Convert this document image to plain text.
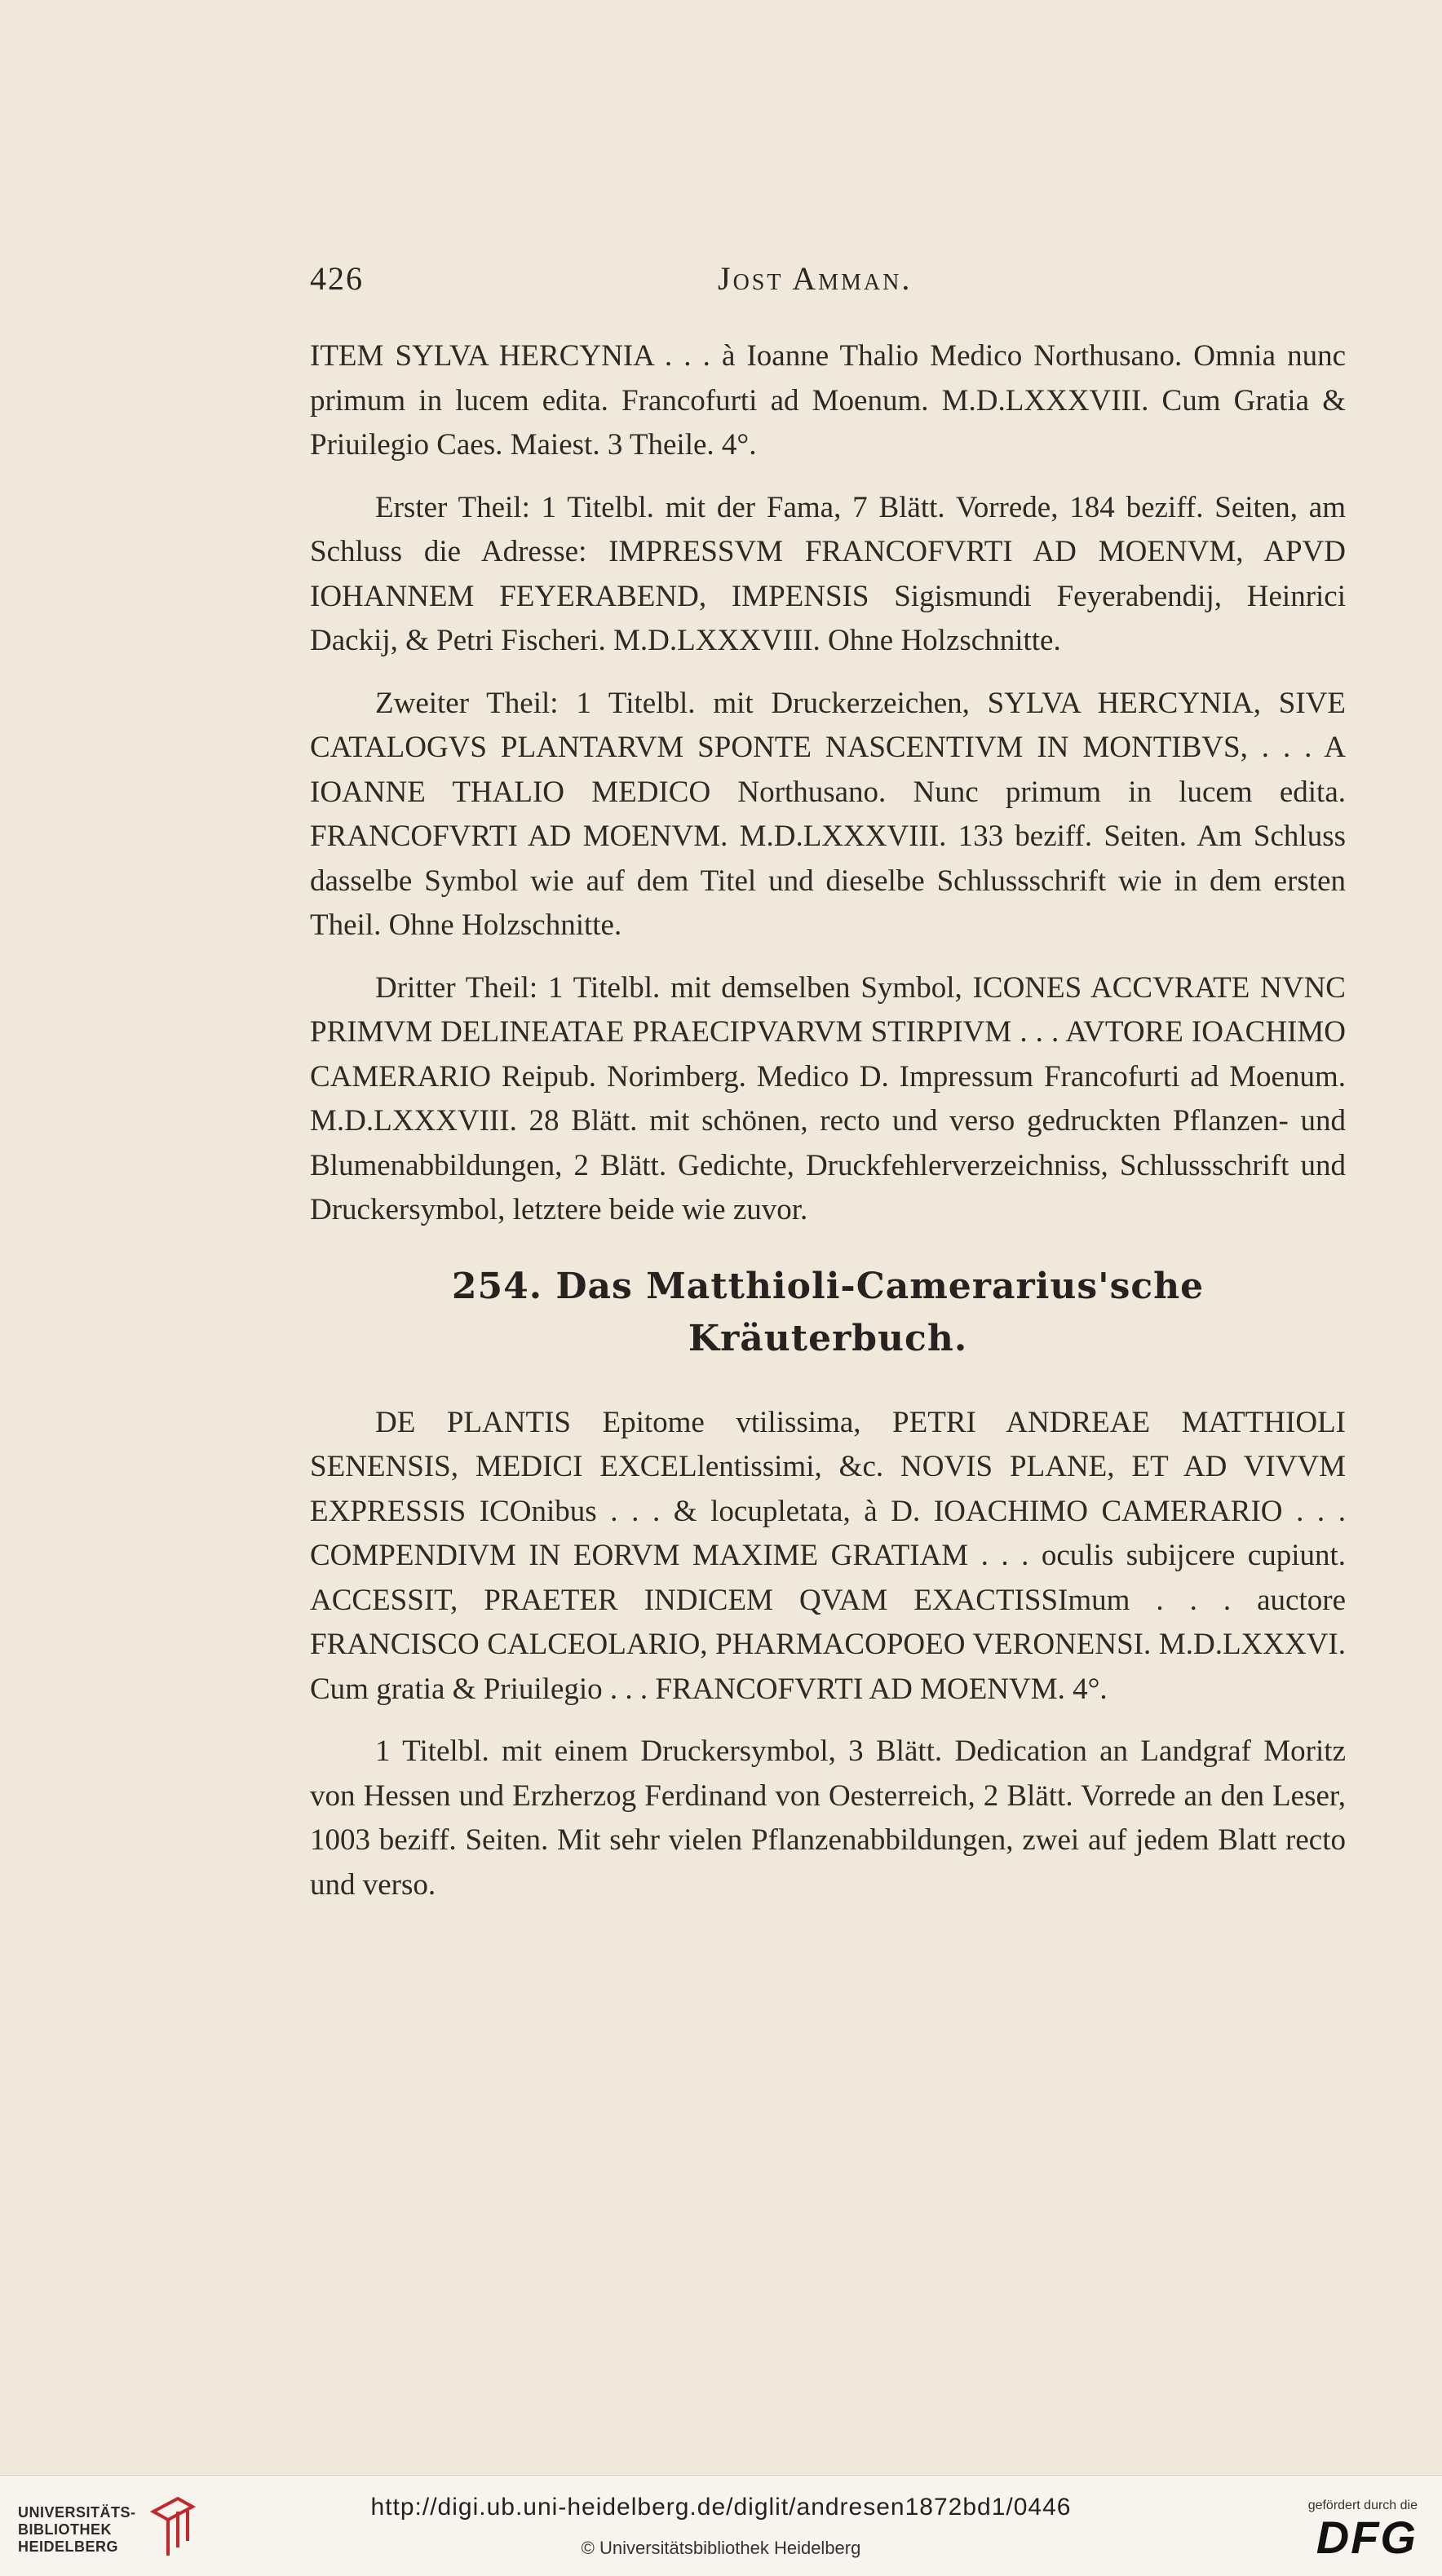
426	Jost Amman.

ITEM SYLVA HERCYNIA . . . à Ioanne Thalio Medico Northusano. Omnia nunc primum in lucem edita. Francofurti ad Moenum. M.D.LXXXVIII. Cum Gratia & Priuilegio Caes. Maiest. 3 Theile. 4°.

Erster Theil: 1 Titelbl. mit der Fama, 7 Blätt. Vorrede, 184 beziff. Seiten, am Schluss die Adresse: IMPRESSVM FRANCOFVRTI AD MOENVM, APVD IOHANNEM FEYERABEND, IMPENSIS Sigismundi Feyerabendij, Heinrici Dackij, & Petri Fischeri. M.D.LXXXVIII. Ohne Holzschnitte.

Zweiter Theil: 1 Titelbl. mit Druckerzeichen, SYLVA HERCYNIA, SIVE CATALOGVS PLANTARVM SPONTE NASCENTIVM IN MONTIBVS, . . . A IOANNE THALIO MEDICO Northusano. Nunc primum in lucem edita. FRANCOFVRTI AD MOENVM. M.D.LXXXVIII. 133 beziff. Seiten. Am Schluss dasselbe Symbol wie auf dem Titel und dieselbe Schlussschrift wie in dem ersten Theil. Ohne Holzschnitte.

Dritter Theil: 1 Titelbl. mit demselben Symbol, ICONES ACCVRATE NVNC PRIMVM DELINEATAE PRAECIPVARVM STIRPIVM . . . AVTORE IOACHIMO CAMERARIO Reipub. Norimberg. Medico D. Impressum Francofurti ad Moenum. M.D.LXXXVIII. 28 Blätt. mit schönen, recto und verso gedruckten Pflanzen- und Blumenabbildungen, 2 Blätt. Gedichte, Druckfehlerverzeichniss, Schlussschrift und Druckersymbol, letztere beide wie zuvor.

254. Das Matthioli-Camerarius'sche Kräuterbuch.

DE PLANTIS Epitome vtilissima, PETRI ANDREAE MATTHIOLI SENENSIS, MEDICI EXCELlentissimi, &c. NOVIS PLANE, ET AD VIVVM EXPRESSIS ICOnibus . . . & locupletata, à D. IOACHIMO CAMERARIO . . . COMPENDIVM IN EORVM MAXIME GRATIAM . . . oculis subijcere cupiunt. ACCESSIT, PRAETER INDICEM QVAM EXACTISSImum . . . auctore FRANCISCO CALCEOLARIO, PHARMACOPOEO VERONENSI. M.D.LXXXVI. Cum gratia & Priuilegio . . . FRANCOFVRTI AD MOENVM. 4°.

1 Titelbl. mit einem Druckersymbol, 3 Blätt. Dedication an Landgraf Moritz von Hessen und Erzherzog Ferdinand von Oesterreich, 2 Blätt. Vorrede an den Leser, 1003 beziff. Seiten. Mit sehr vielen Pflanzenabbildungen, zwei auf jedem Blatt recto und verso.

UNIVERSITÄTS-
BIBLIOTHEK
HEIDELBERG
http://digi.ub.uni-heidelberg.de/diglit/andresen1872bd1/0446
© Universitätsbibliothek Heidelberg
gefördert durch die
DFG
